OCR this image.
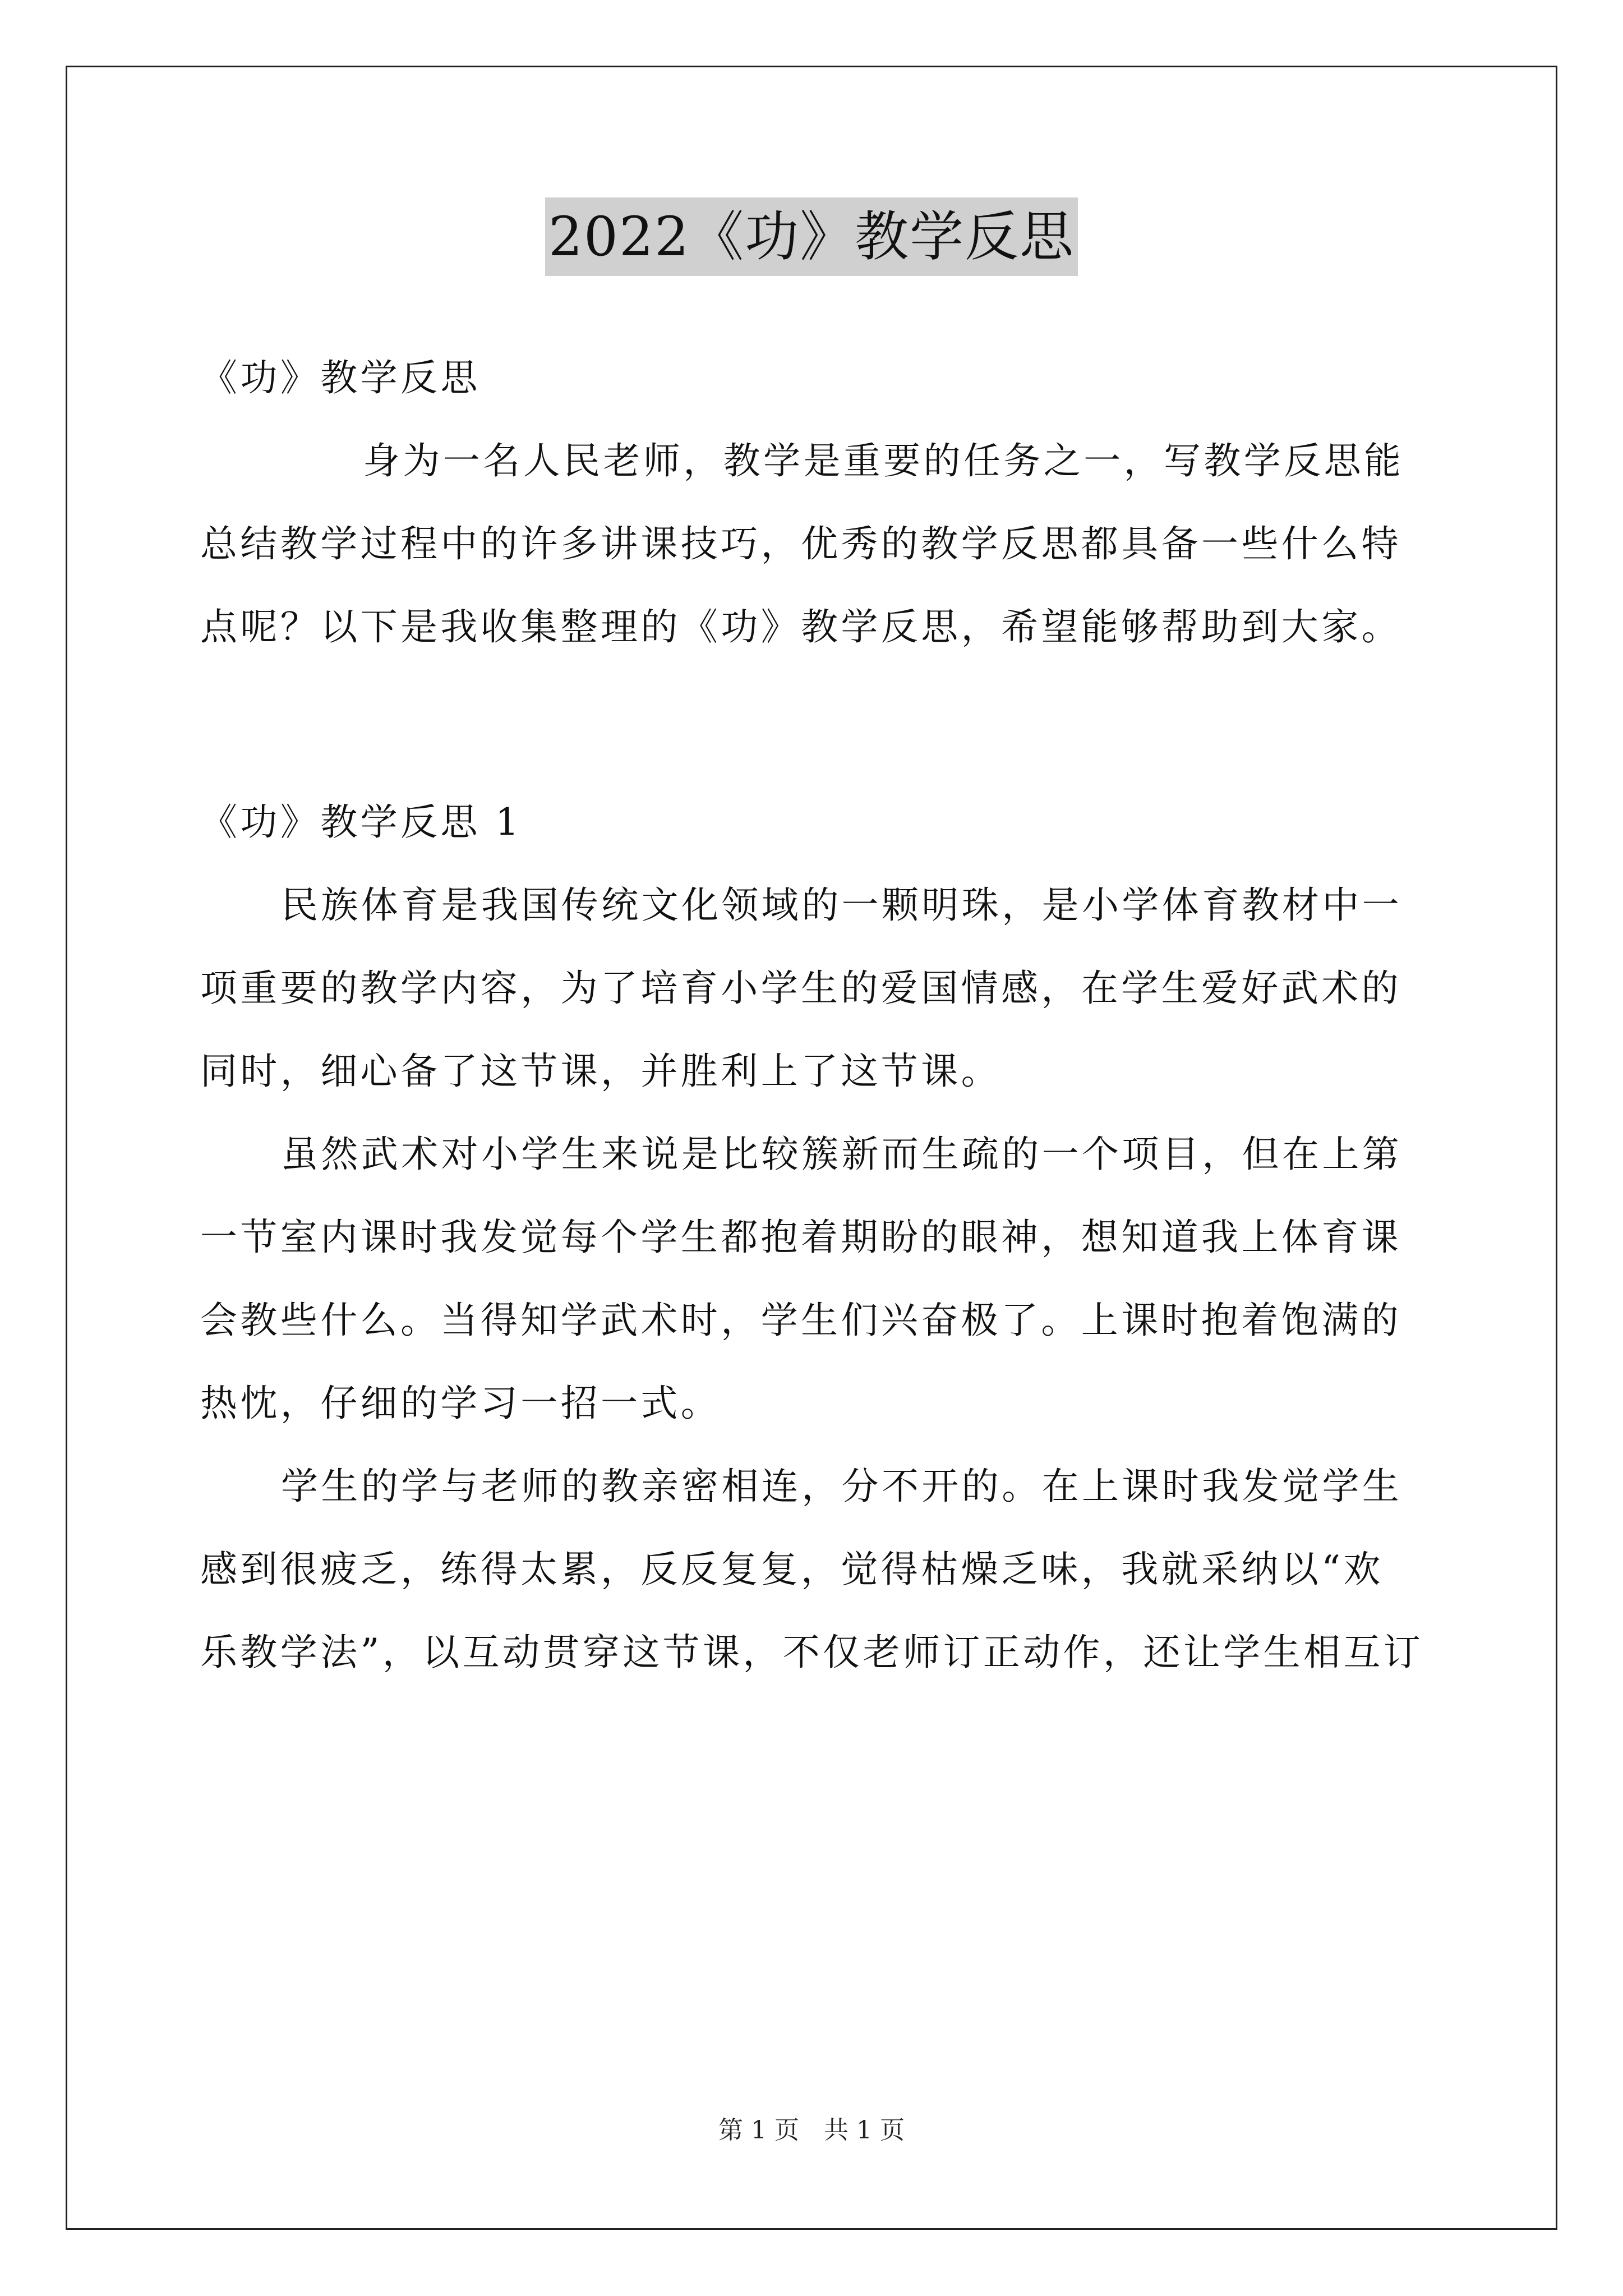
2022《功》教学反思
《功》教学反思
身为一名人民老师，教学是重要的任务之一，写教学反思能
总结教学过程中的许多讲课技巧，优秀的教学反思都具备一些什么特
点呢？以下是我收集整理的《功》教学反思，希望能够帮助到大家。
《功》教学反思 1
民族体育是我国传统文化领域的一颗明珠，是小学体育教材中一
项重要的教学内容，为了培育小学生的爱国情感，在学生爱好武术的
同时，细心备了这节课，并胜利上了这节课。
虽然武术对小学生来说是比较簇新而生疏的一个项目，但在上第
一节室内课时我发觉每个学生都抱着期盼的眼神，想知道我上体育课
会教些什么。当得知学武术时，学生们兴奋极了。上课时抱着饱满的
热忱，仔细的学习一招一式。
学生的学与老师的教亲密相连，分不开的。在上课时我发觉学生
感到很疲乏，练得太累，反反复复，觉得枯燥乏味，我就采纳以“欢
乐教学法”，以互动贯穿这节课，不仅老师订正动作，还让学生相互订
第 1 页　共 1 页
